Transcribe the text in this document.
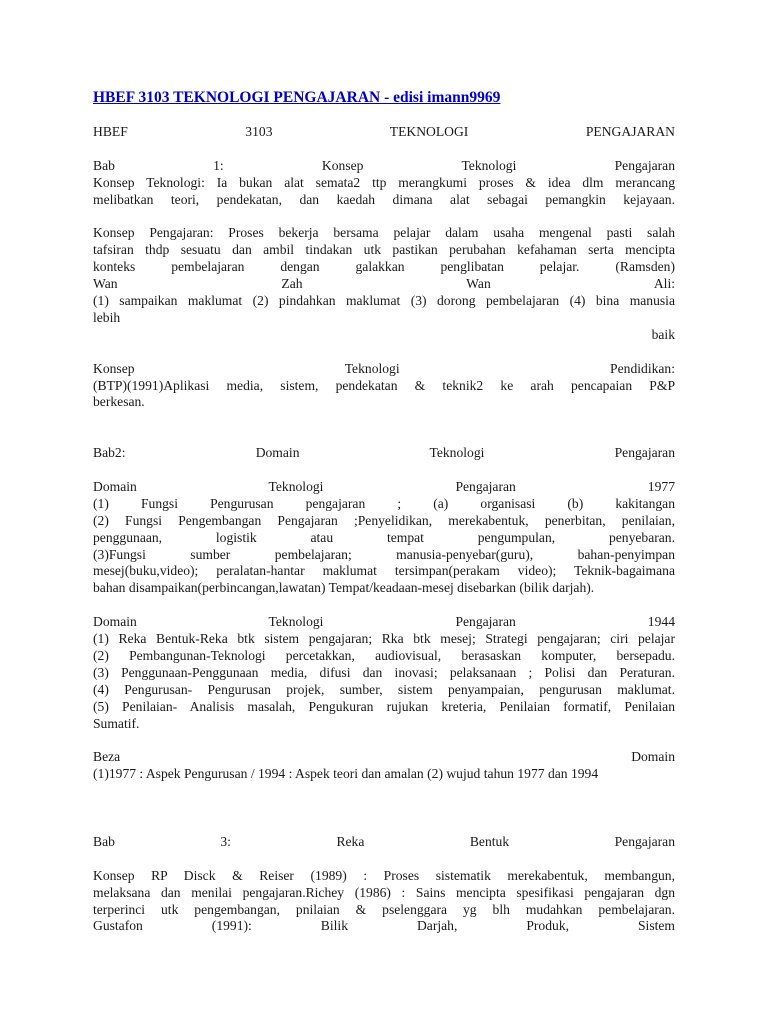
HBEF 3103 TEKNOLOGI PENGAJARAN - edisi imann9969
HBEF 3103 TEKNOLOGI PENGAJARAN
Bab 1: Konsep Teknologi Pengajaran
Konsep Teknologi: Ia bukan alat semata2 ttp merangkumi proses & idea dlm merancang
melibatkan teori, pendekatan, dan kaedah dimana alat sebagai pemangkin kejayaan.
Konsep Pengajaran: Proses bekerja bersama pelajar dalam usaha mengenal pasti salah
tafsiran thdp sesuatu dan ambil tindakan utk pastikan perubahan kefahaman serta mencipta
konteks pembelajaran dengan galakkan penglibatan pelajar. (Ramsden)
Wan Zah Wan Ali:
(1) sampaikan maklumat (2) pindahkan maklumat (3) dorong pembelajaran (4) bina manusia
lebih
baik
Konsep Teknologi Pendidikan:
(BTP)(1991)Aplikasi media, sistem, pendekatan & teknik2 ke arah pencapaian P&P
berkesan.
Bab2: Domain Teknologi Pengajaran
Domain Teknologi Pengajaran 1977
(1) Fungsi Pengurusan pengajaran ; (a) organisasi (b) kakitangan
(2) Fungsi Pengembangan Pengajaran ;Penyelidikan, merekabentuk, penerbitan, penilaian,
penggunaan, logistik atau tempat pengumpulan, penyebaran.
(3)Fungsi sumber pembelajaran; manusia-penyebar(guru), bahan-penyimpan
mesej(buku,video); peralatan-hantar maklumat tersimpan(perakam video); Teknik-bagaimana
bahan disampaikan(perbincangan,lawatan) Tempat/keadaan-mesej disebarkan (bilik darjah).
Domain Teknologi Pengajaran 1944
(1) Reka Bentuk-Reka btk sistem pengajaran; Rka btk mesej; Strategi pengajaran; ciri pelajar
(2) Pembangunan-Teknologi percetakkan, audiovisual, berasaskan komputer, bersepadu.
(3) Penggunaan-Penggunaan media, difusi dan inovasi; pelaksanaan ; Polisi dan Peraturan.
(4) Pengurusan- Pengurusan projek, sumber, sistem penyampaian, pengurusan maklumat.
(5) Penilaian- Analisis masalah, Pengukuran rujukan kreteria, Penilaian formatif, Penilaian
Sumatif.
Beza Domain
(1)1977 : Aspek Pengurusan / 1994 : Aspek teori dan amalan (2) wujud tahun 1977 dan 1994
Bab 3: Reka Bentuk Pengajaran
Konsep RP Disck & Reiser (1989) : Proses sistematik merekabentuk, membangun,
melaksana dan menilai pengajaran.Richey (1986) : Sains mencipta spesifikasi pengajaran dgn
terperinci utk pengembangan, pnilaian & pselenggara yg blh mudahkan pembelajaran.
Gustafon (1991): Bilik Darjah, Produk, Sistem
